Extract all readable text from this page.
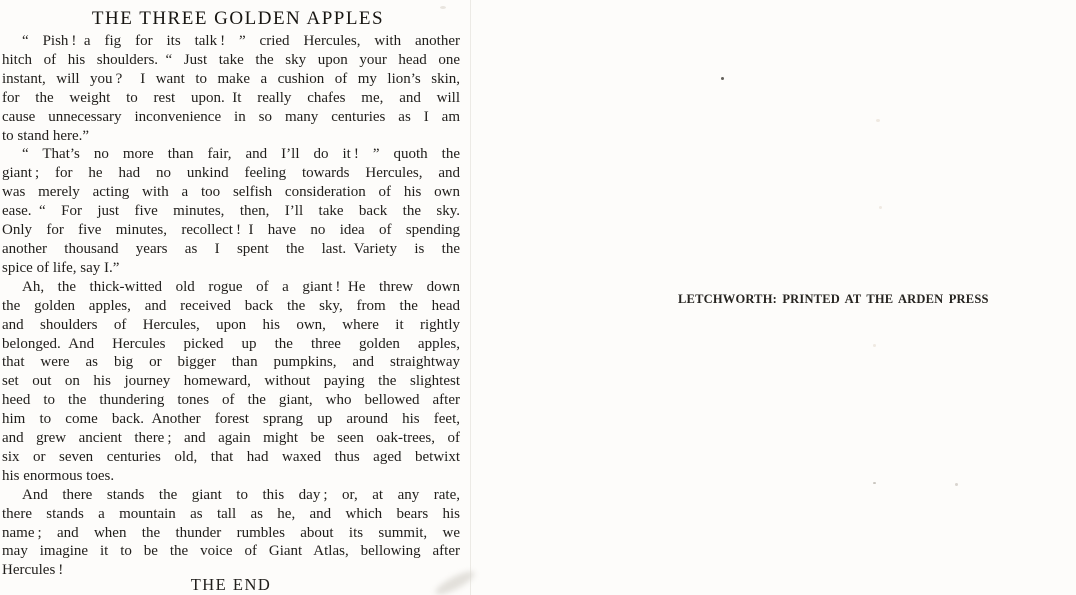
THE THREE GOLDEN APPLES
“ Pish ! a fig for its talk ! ” cried Hercules, with another
hitch of his shoulders. “ Just take the sky upon your head one
instant, will you ?  I want to make a cushion of my lion’s skin,
for the weight to rest upon. It really chafes me, and will
cause unnecessary inconvenience in so many centuries as I am
to stand here.”
“ That’s no more than fair, and I’ll do it ! ” quoth the
giant ; for he had no unkind feeling towards Hercules, and
was merely acting with a too selfish consideration of his own
ease. “ For just five minutes, then, I’ll take back the sky.
Only for five minutes, recollect ! I have no idea of spending
another thousand years as I spent the last. Variety is the
spice of life, say I.”
Ah, the thick-witted old rogue of a giant ! He threw down
the golden apples, and received back the sky, from the head
and shoulders of Hercules, upon his own, where it rightly
belonged. And Hercules picked up the three golden apples,
that were as big or bigger than pumpkins, and straightway
set out on his journey homeward, without paying the slightest
heed to the thundering tones of the giant, who bellowed after
him to come back. Another forest sprang up around his feet,
and grew ancient there ; and again might be seen oak-trees, of
six or seven centuries old, that had waxed thus aged betwixt
his enormous toes.
And there stands the giant to this day ; or, at any rate,
there stands a mountain as tall as he, and which bears his
name ; and when the thunder rumbles about its summit, we
may imagine it to be the voice of Giant Atlas, bellowing after
Hercules !
THE END
LETCHWORTH: PRINTED AT THE ARDEN PRESS
